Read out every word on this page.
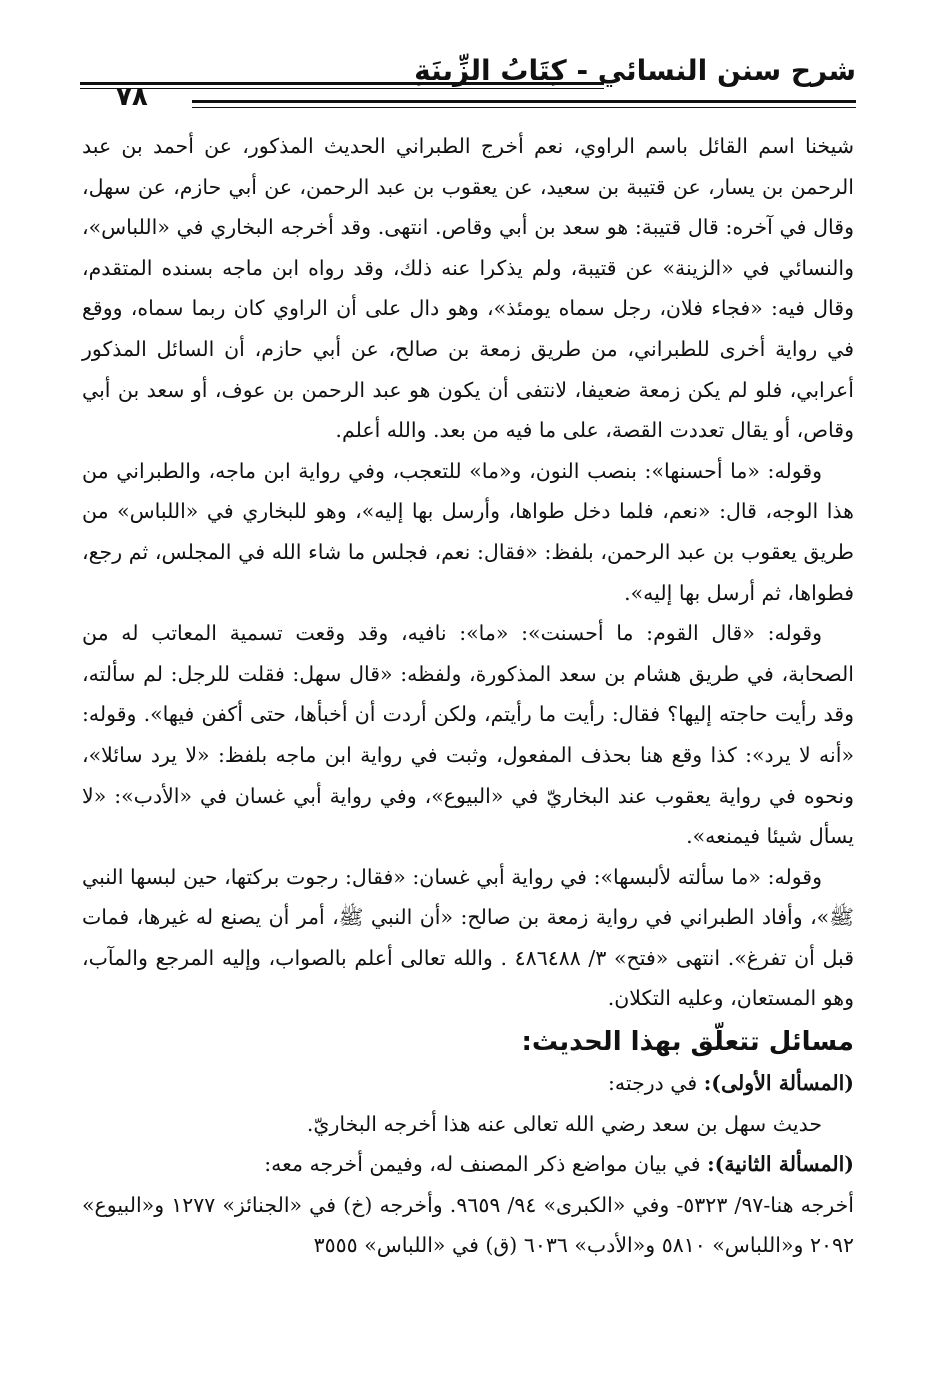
شرح سنن النسائي - كِتَابُ الزِّينَةِ
٧٨

شيخنا اسم القائل باسم الراوي، نعم أخرج الطبراني الحديث المذكور، عن أحمد بن عبد الرحمن بن يسار، عن قتيبة بن سعيد، عن يعقوب بن عبد الرحمن، عن أبي حازم، عن سهل، وقال في آخره: قال قتيبة: هو سعد بن أبي وقاص. انتهى. وقد أخرجه البخاري في «اللباس»، والنسائي في «الزينة» عن قتيبة، ولم يذكرا عنه ذلك، وقد رواه ابن ماجه بسنده المتقدم، وقال فيه: «فجاء فلان، رجل سماه يومئذ»، وهو دال على أن الراوي كان ربما سماه، ووقع في رواية أخرى للطبراني، من طريق زمعة بن صالح، عن أبي حازم، أن السائل المذكور أعرابي، فلو لم يكن زمعة ضعيفا، لانتفى أن يكون هو عبد الرحمن بن عوف، أو سعد بن أبي وقاص، أو يقال تعددت القصة، على ما فيه من بعد. والله أعلم.

وقوله: «ما أحسنها»: بنصب النون، و«ما» للتعجب، وفي رواية ابن ماجه، والطبراني من هذا الوجه، قال: «نعم، فلما دخل طواها، وأرسل بها إليه»، وهو للبخاري في «اللباس» من طريق يعقوب بن عبد الرحمن، بلفظ: «فقال: نعم، فجلس ما شاء الله في المجلس، ثم رجع، فطواها، ثم أرسل بها إليه».

وقوله: «قال القوم: ما أحسنت»: «ما»: نافيه، وقد وقعت تسمية المعاتب له من الصحابة، في طريق هشام بن سعد المذكورة، ولفظه: «قال سهل: فقلت للرجل: لم سألته، وقد رأيت حاجته إليها؟ فقال: رأيت ما رأيتم، ولكن أردت أن أخبأها، حتى أكفن فيها». وقوله: «أنه لا يرد»: كذا وقع هنا بحذف المفعول، وثبت في رواية ابن ماجه بلفظ: «لا يرد سائلا»، ونحوه في رواية يعقوب عند البخاريّ في «البيوع»، وفي رواية أبي غسان في «الأدب»: «لا يسأل شيئا فيمنعه».

وقوله: «ما سألته لألبسها»: في رواية أبي غسان: «فقال: رجوت بركتها، حين لبسها النبي ﷺ»، وأفاد الطبراني في رواية زمعة بن صالح: «أن النبي ﷺ، أمر أن يصنع له غيرها، فمات قبل أن تفرغ». انتهى «فتح» ٣/ ٤٨٦٤٨٨ . والله تعالى أعلم بالصواب، وإليه المرجع والمآب، وهو المستعان، وعليه التكلان.

مسائل تتعلّق بهذا الحديث:

(المسألة الأولى): في درجته:

حديث سهل بن سعد رضي الله تعالى عنه هذا أخرجه البخاريّ.

(المسألة الثانية): في بيان مواضع ذكر المصنف له، وفيمن أخرجه معه:

أخرجه هنا-٩٧/ ٥٣٢٣- وفي «الكبرى» ٩٤/ ٩٦٥٩. وأخرجه (خ) في «الجنائز» ١٢٧٧ و«البيوع» ٢٠٩٢ و«اللباس» ٥٨١٠ و«الأدب» ٦٠٣٦ (ق) في «اللباس» ٣٥٥٥
